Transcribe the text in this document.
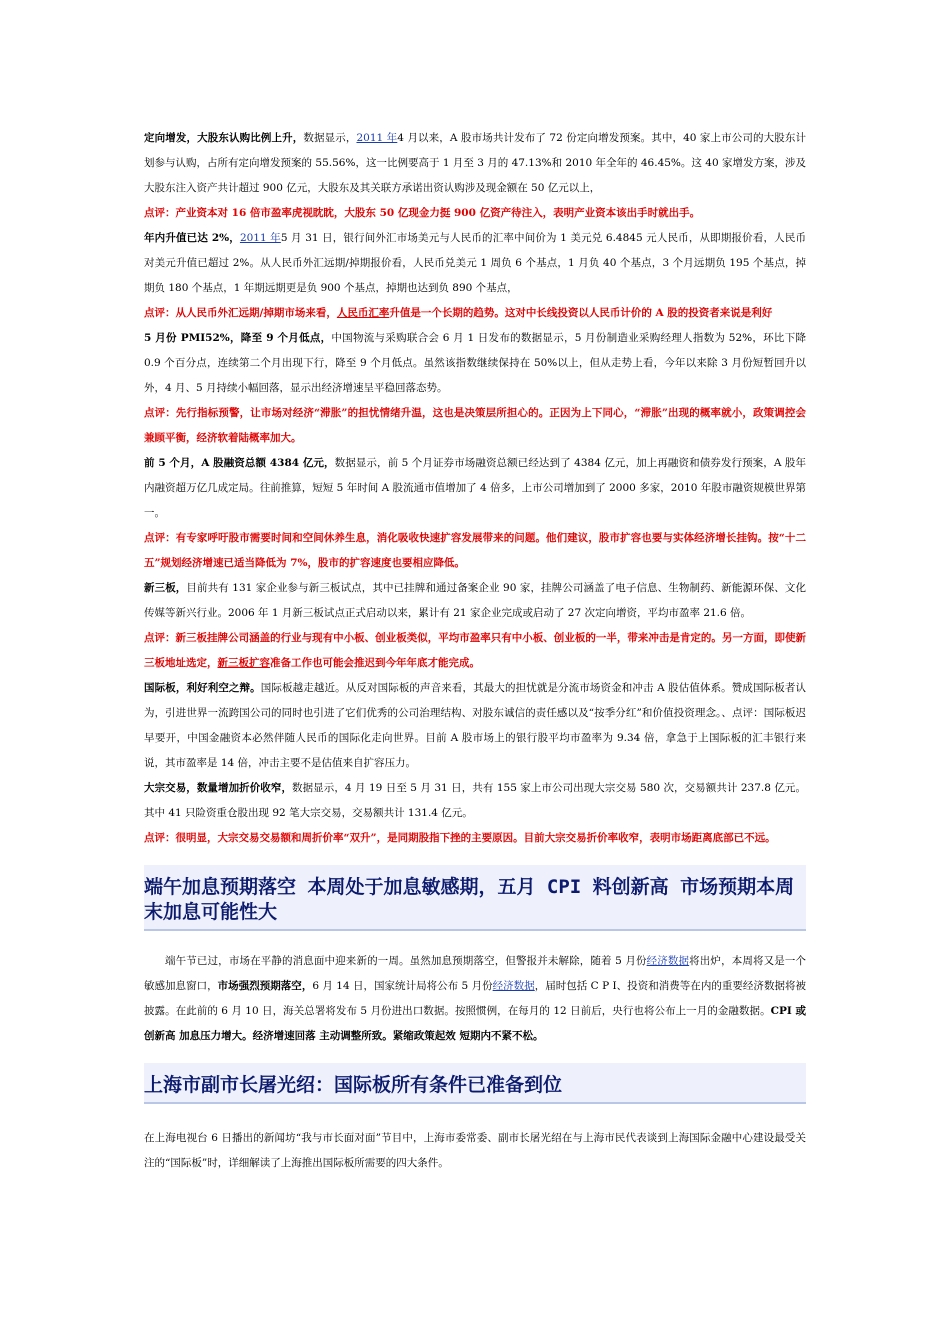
定向增发，大股东认购比例上升，数据显示，2011 年4 月以来，A 股市场共计发布了 72 份定向增发预案。其中，40 家上市公司的大股东计划参与认购，占所有定向增发预案的 55.56%，这一比例要高于 1 月至 3 月的 47.13%和 2010 年全年的 46.45%。这 40 家增发方案，涉及大股东注入资产共计超过 900 亿元，大股东及其关联方承诺出资认购涉及现金额在 50 亿元以上，

点评：产业资本对 16 倍市盈率虎视眈眈，大股东 50 亿现金力挺 900 亿资产待注入，表明产业资本该出手时就出手。

年内升值已达 2%，2011 年5 月 31 日，银行间外汇市场美元与人民币的汇率中间价为 1 美元兑 6.4845 元人民币，从即期报价看，人民币对美元升值已超过 2%。从人民币外汇远期/掉期报价看，人民币兑美元 1 周负 6 个基点，1 月负 40 个基点，3 个月远期负 195 个基点，掉期负 180 个基点，1 年期远期更是负 900 个基点，掉期也达到负 890 个基点，

点评：从人民币外汇远期/掉期市场来看，人民币汇率升值是一个长期的趋势。这对中长线投资以人民币计价的 A 股的投资者来说是利好

5 月份 PMI52%，降至 9 个月低点，中国物流与采购联合会 6 月 1 日发布的数据显示，5 月份制造业采购经理人指数为 52%，环比下降 0.9 个百分点，连续第二个月出现下行，降至 9 个月低点。虽然该指数继续保持在 50%以上，但从走势上看，今年以来除 3 月份短暂回升以外，4 月、5 月持续小幅回落，显示出经济增速呈平稳回落态势。

点评：先行指标预警，让市场对经济“滞胀”的担忧情绪升温，这也是决策层所担心的。正因为上下同心，“滞胀”出现的概率就小，政策调控会兼顾平衡，经济软着陆概率加大。

前 5 个月，A 股融资总额 4384 亿元，数据显示，前 5 个月证券市场融资总额已经达到了 4384 亿元，加上再融资和债券发行预案，A 股年内融资超万亿几成定局。往前推算，短短 5 年时间 A 股流通市值增加了 4 倍多，上市公司增加到了 2000 多家，2010 年股市融资规模世界第一。

点评：有专家呼吁股市需要时间和空间休养生息，消化吸收快速扩容发展带来的问题。他们建议，股市扩容也要与实体经济增长挂钩。按“十二五”规划经济增速已适当降低为 7%，股市的扩容速度也要相应降低。

新三板，目前共有 131 家企业参与新三板试点，其中已挂牌和通过备案企业 90 家，挂牌公司涵盖了电子信息、生物制药、新能源环保、文化传媒等新兴行业。2006 年 1 月新三板试点正式启动以来，累计有 21 家企业完成或启动了 27 次定向增资，平均市盈率 21.6 倍。

点评：新三板挂牌公司涵盖的行业与现有中小板、创业板类似，平均市盈率只有中小板、创业板的一半，带来冲击是肯定的。另一方面，即使新三板地址选定，新三板扩容准备工作也可能会推迟到今年年底才能完成。

国际板，利好利空之辩。国际板越走越近。从反对国际板的声音来看，其最大的担忧就是分流市场资金和冲击 A 股估值体系。赞成国际板者认为，引进世界一流跨国公司的同时也引进了它们优秀的公司治理结构、对股东诚信的责任感以及“按季分红”和价值投资理念。、点评：国际板迟早要开，中国金融资本必然伴随人民币的国际化走向世界。目前 A 股市场上的银行股平均市盈率为 9.34 倍，拿急于上国际板的汇丰银行来说，其市盈率是 14 倍，冲击主要不是估值来自扩容压力。

大宗交易，数量增加折价收窄，数据显示，4 月 19 日至 5 月 31 日，共有 155 家上市公司出现大宗交易 580 次，交易额共计 237.8 亿元。其中 41 只险资重仓股出现 92 笔大宗交易，交易额共计 131.4 亿元。

点评：很明显，大宗交易交易额和周折价率“双升”，是同期股指下挫的主要原因。目前大宗交易折价率收窄，表明市场距离底部已不远。

端午加息预期落空 本周处于加息敏感期，五月 CPI 料创新高 市场预期本周末加息可能性大

端午节已过，市场在平静的消息面中迎来新的一周。虽然加息预期落空，但警报并未解除，随着 5 月份经济数据将出炉，本周将又是一个敏感加息窗口，市场强烈预期落空，6 月 14 日，国家统计局将公布 5 月份经济数据，届时包括 C P I、投资和消费等在内的重要经济数据将被披露。在此前的 6 月 10 日，海关总署将发布 5 月份进出口数据。按照惯例，在每月的 12 日前后，央行也将公布上一月的金融数据。CPI 或创新高 加息压力增大。经济增速回落 主动调整所致。紧缩政策起效 短期内不紧不松。

上海市副市长屠光绍：国际板所有条件已准备到位

在上海电视台 6 日播出的新闻坊“我与市长面对面”节目中，上海市委常委、副市长屠光绍在与上海市民代表谈到上海国际金融中心建设最受关注的“国际板”时，详细解读了上海推出国际板所需要的四大条件。
